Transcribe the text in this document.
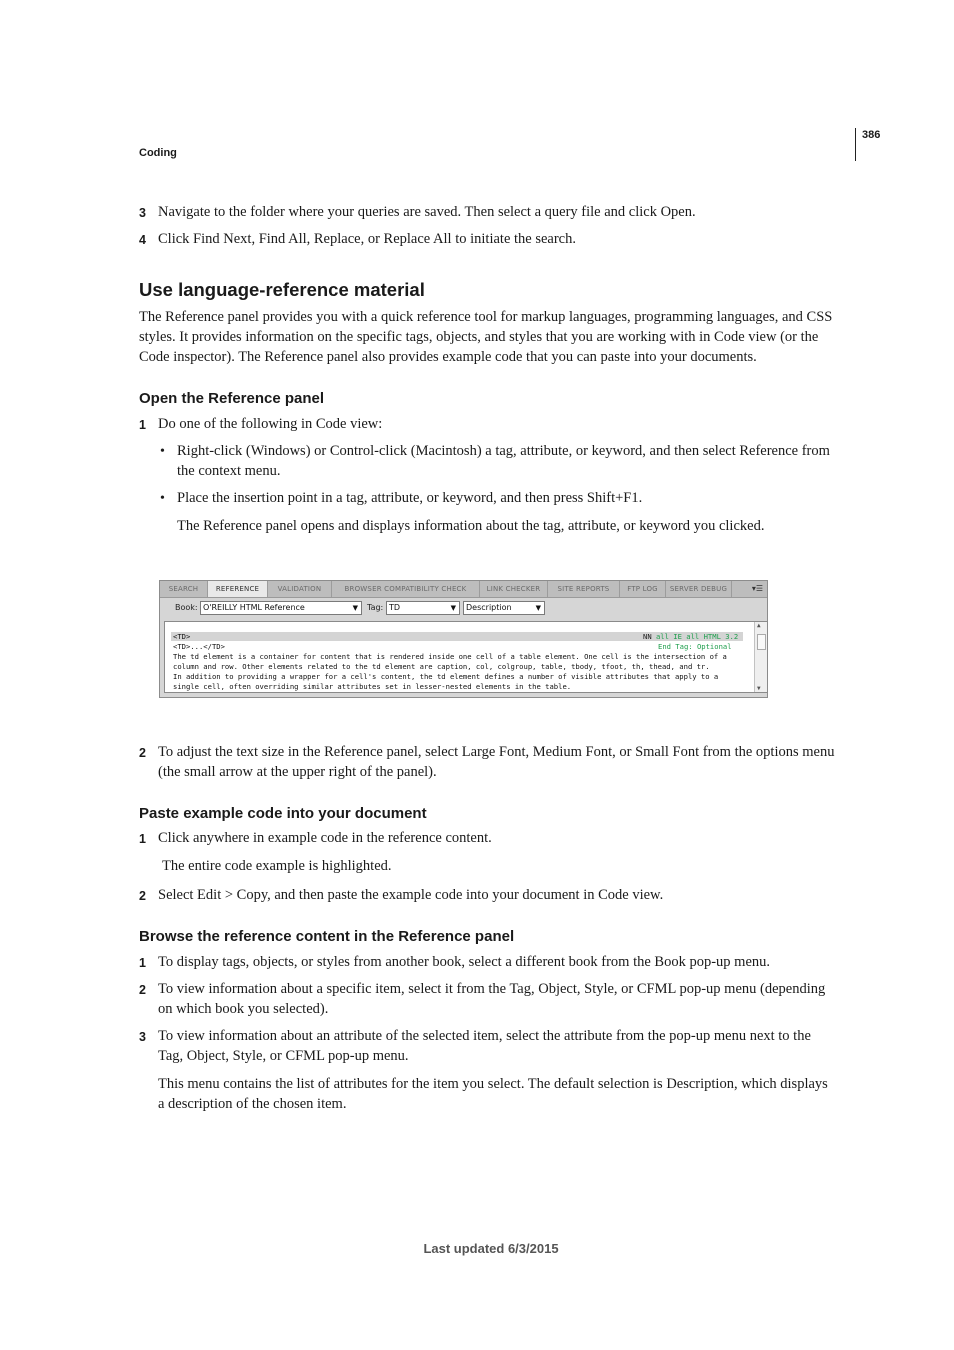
Coding
386
3 Navigate to the folder where your queries are saved. Then select a query file and click Open.
4 Click Find Next, Find All, Replace, or Replace All to initiate the search.
Use language-reference material
The Reference panel provides you with a quick reference tool for markup languages, programming languages, and CSS
styles. It provides information on the specific tags, objects, and styles that you are working with in Code view (or the
Code inspector). The Reference panel also provides example code that you can paste into your documents.
Open the Reference panel
1 Do one of the following in Code view:
• Right-click (Windows) or Control-click (Macintosh) a tag, attribute, or keyword, and then select Reference from
the context menu.
• Place the insertion point in a tag, attribute, or keyword, and then press Shift+F1.
The Reference panel opens and displays information about the tag, attribute, or keyword you clicked.
SEARCH	REFERENCE	VALIDATION	BROWSER COMPATIBILITY CHECK	LINK CHECKER	SITE REPORTS	FTP LOG	SERVER DEBUG	▾☰
Book: O'REILLY HTML Reference	▼ Tag: TD	▼	Description	▼
<TD>	NN all IE all HTML 3.2
<TD>...</TD>	End Tag: Optional
The td element is a container for content that is rendered inside one cell of a table element. One cell is the intersection of a
column and row. Other elements related to the td element are caption, col, colgroup, table, tbody, tfoot, th, thead, and tr.
In addition to providing a wrapper for a cell's content, the td element defines a number of visible attributes that apply to a
single cell, often overriding similar attributes set in lesser-nested elements in the table.
▲
▼
2 To adjust the text size in the Reference panel, select Large Font, Medium Font, or Small Font from the options menu
(the small arrow at the upper right of the panel).
Paste example code into your document
1 Click anywhere in example code in the reference content.
The entire code example is highlighted.
2 Select Edit > Copy, and then paste the example code into your document in Code view.
Browse the reference content in the Reference panel
1 To display tags, objects, or styles from another book, select a different book from the Book pop-up menu.
2 To view information about a specific item, select it from the Tag, Object, Style, or CFML pop-up menu (depending
on which book you selected).
3 To view information about an attribute of the selected item, select the attribute from the pop-up menu next to the
Tag, Object, Style, or CFML pop-up menu.
This menu contains the list of attributes for the item you select. The default selection is Description, which displays
a description of the chosen item.
Last updated 6/3/2015
